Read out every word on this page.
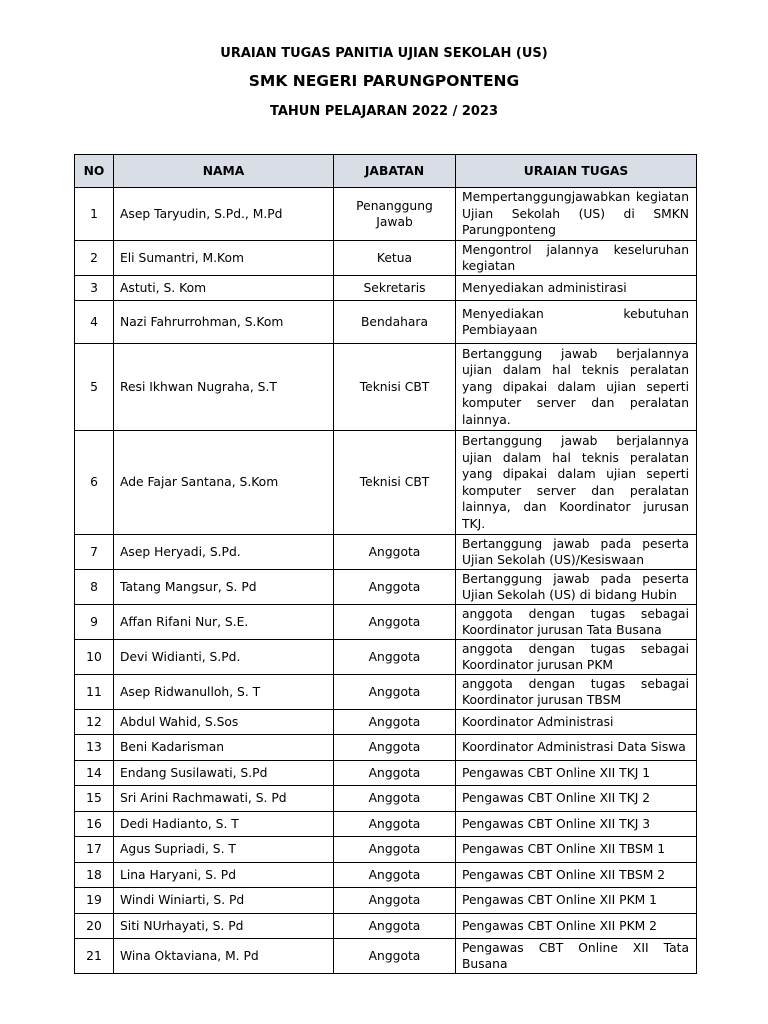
URAIAN TUGAS PANITIA UJIAN SEKOLAH (US)
SMK NEGERI PARUNGPONTENG
TAHUN PELAJARAN 2022 / 2023
NO	NAMA	JABATAN	URAIAN TUGAS
1	Asep Taryudin, S.Pd., M.Pd	Penanggung Jawab	Mempertanggungjawabkan kegiatan Ujian Sekolah (US) di SMKN Parungponteng
2	Eli Sumantri, M.Kom	Ketua	Mengontrol jalannya keseluruhan kegiatan
3	Astuti, S. Kom	Sekretaris	Menyediakan administirasi
4	Nazi Fahrurrohman, S.Kom	Bendahara	Menyediakan kebutuhan Pembiayaan
5	Resi Ikhwan Nugraha, S.T	Teknisi CBT	Bertanggung jawab berjalannya ujian dalam hal teknis peralatan yang dipakai dalam ujian seperti komputer server dan peralatan lainnya.
6	Ade Fajar Santana, S.Kom	Teknisi CBT	Bertanggung jawab berjalannya ujian dalam hal teknis peralatan yang dipakai dalam ujian seperti komputer server dan peralatan lainnya, dan Koordinator jurusan TKJ.
7	Asep Heryadi, S.Pd.	Anggota	Bertanggung jawab pada peserta Ujian Sekolah (US)/Kesiswaan
8	Tatang Mangsur, S. Pd	Anggota	Bertanggung jawab pada peserta Ujian Sekolah (US) di bidang Hubin
9	Affan Rifani Nur, S.E.	Anggota	anggota dengan tugas sebagai Koordinator jurusan Tata Busana
10	Devi Widianti, S.Pd.	Anggota	anggota dengan tugas sebagai Koordinator jurusan PKM
11	Asep Ridwanulloh, S. T	Anggota	anggota dengan tugas sebagai Koordinator jurusan TBSM
12	Abdul Wahid, S.Sos	Anggota	Koordinator Administrasi
13	Beni Kadarisman	Anggota	Koordinator Administrasi Data Siswa
14	Endang Susilawati, S.Pd	Anggota	Pengawas CBT Online XII TKJ 1
15	Sri Arini Rachmawati, S. Pd	Anggota	Pengawas CBT Online XII TKJ 2
16	Dedi Hadianto, S. T	Anggota	Pengawas CBT Online XII TKJ 3
17	Agus Supriadi, S. T	Anggota	Pengawas CBT Online XII TBSM 1
18	Lina Haryani, S. Pd	Anggota	Pengawas CBT Online XII TBSM 2
19	Windi Winiarti, S. Pd	Anggota	Pengawas CBT Online XII PKM 1
20	Siti NUrhayati, S. Pd	Anggota	Pengawas CBT Online XII PKM 2
21	Wina Oktaviana, M. Pd	Anggota	Pengawas CBT Online XII Tata Busana
